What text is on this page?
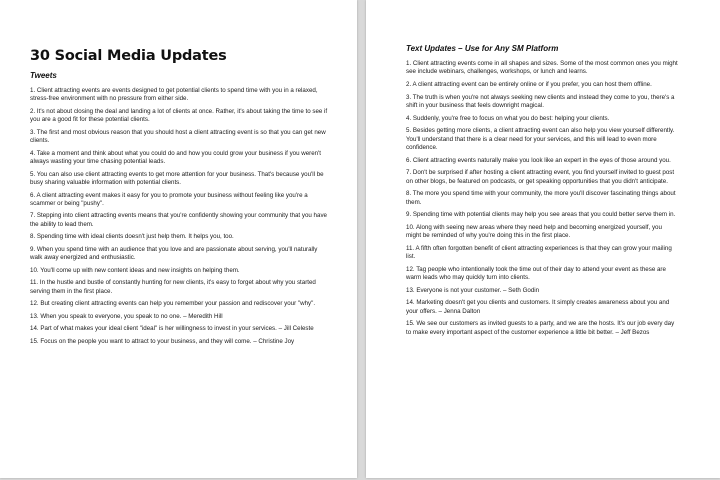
30 Social Media Updates
Tweets

1. Client attracting events are events designed to get potential clients to spend time with you in a relaxed, stress-free environment with no pressure from either side.

2. It's not about closing the deal and landing a lot of clients at once. Rather, it's about taking the time to see if you are a good fit for these potential clients.

3. The first and most obvious reason that you should host a client attracting event is so that you can get new clients.

4. Take a moment and think about what you could do and how you could grow your business if you weren't always wasting your time chasing potential leads.

5. You can also use client attracting events to get more attention for your business. That's because you'll be busy sharing valuable information with potential clients.

6. A client attracting event makes it easy for you to promote your business without feeling like you're a scammer or being "pushy".

7. Stepping into client attracting events means that you're confidently showing your community that you have the ability to lead them.

8. Spending time with ideal clients doesn't just help them. It helps you, too.

9. When you spend time with an audience that you love and are passionate about serving, you'll naturally walk away energized and enthusiastic.

10. You'll come up with new content ideas and new insights on helping them.

11. In the hustle and bustle of constantly hunting for new clients, it's easy to forget about why you started serving them in the first place.

12. But creating client attracting events can help you remember your passion and rediscover your "why".

13. When you speak to everyone, you speak to no one. – Meredith Hill

14. Part of what makes your ideal client "ideal" is her willingness to invest in your services. – Jill Celeste

15. Focus on the people you want to attract to your business, and they will come. – Christine Joy

Text Updates – Use for Any SM Platform

1. Client attracting events come in all shapes and sizes. Some of the most common ones you might see include webinars, challenges, workshops, or lunch and learns.

2. A client attracting event can be entirely online or if you prefer, you can host them offline.

3. The truth is when you're not always seeking new clients and instead they come to you, there's a shift in your business that feels downright magical.

4. Suddenly, you're free to focus on what you do best: helping your clients.

5. Besides getting more clients, a client attracting event can also help you view yourself differently. You'll understand that there is a clear need for your services, and this will lead to even more confidence.

6. Client attracting events naturally make you look like an expert in the eyes of those around you.

7. Don't be surprised if after hosting a client attracting event, you find yourself invited to guest post on other blogs, be featured on podcasts, or get speaking opportunities that you didn't anticipate.

8. The more you spend time with your community, the more you'll discover fascinating things about them.

9. Spending time with potential clients may help you see areas that you could better serve them in.

10. Along with seeing new areas where they need help and becoming energized yourself, you might be reminded of why you're doing this in the first place.

11. A fifth often forgotten benefit of client attracting experiences is that they can grow your mailing list.

12. Tag people who intentionally took the time out of their day to attend your event as these are warm leads who may quickly turn into clients.

13. Everyone is not your customer. – Seth Godin

14. Marketing doesn't get you clients and customers. It simply creates awareness about you and your offers. – Jenna Dalton

15. We see our customers as invited guests to a party, and we are the hosts. It's our job every day to make every important aspect of the customer experience a little bit better. – Jeff Bezos
